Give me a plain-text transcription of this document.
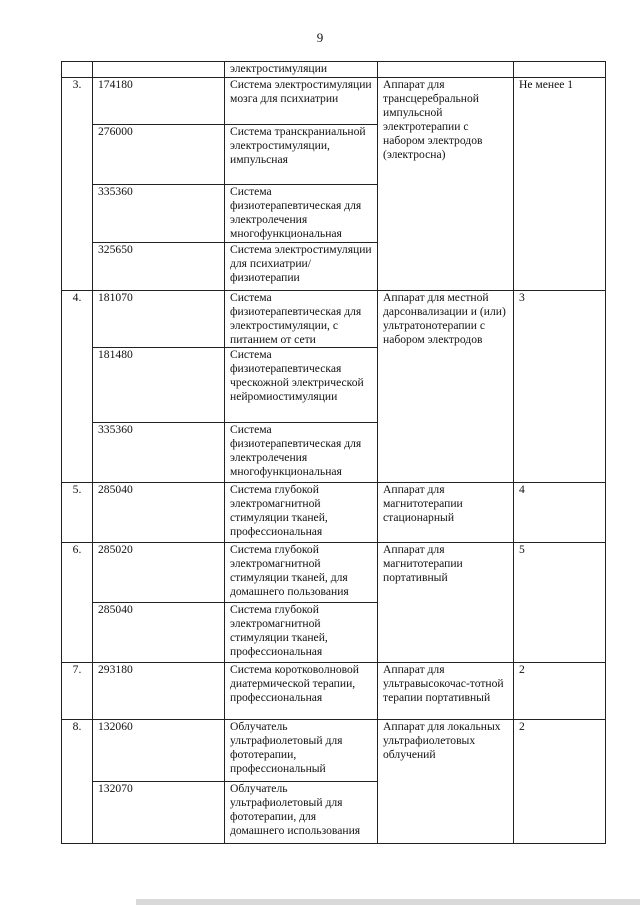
9
		электростимуляции		
3.	174180	Система электростимуляции мозга для психиатрии	Аппарат для трансцеребральной импульсной электротерапии с набором электродов (электросна)	Не менее 1
	276000	Система транскраниальной электростимуляции, импульсная		
	335360	Система физиотерапевтическая для электролечения многофункциональная		
	325650	Система электростимуляции для психиатрии/физиотерапии		
4.	181070	Система физиотерапевтическая для электростимуляции, с питанием от сети	Аппарат для местной дарсонвализации и (или) ультратонотерапии с набором электродов	3
	181480	Система физиотерапевтическая чрескожной электрической нейромиостимуляции		
	335360	Система физиотерапевтическая для электролечения многофункциональная		
5.	285040	Система глубокой электромагнитной стимуляции тканей, профессиональная	Аппарат для магнитотерапии стационарный	4
6.	285020	Система глубокой электромагнитной стимуляции тканей, для домашнего пользования	Аппарат для магнитотерапии портативный	5
	285040	Система глубокой электромагнитной стимуляции тканей, профессиональная		
7.	293180	Система коротковолновой диатермической терапии, профессиональная	Аппарат для ультравысокочас-тотной терапии портативный	2
8.	132060	Облучатель ультрафиолетовый для фототерапии, профессиональный	Аппарат для локальных ультрафиолетовых облучений	2
	132070	Облучатель ультрафиолетовый для фототерапии, для домашнего использования		
